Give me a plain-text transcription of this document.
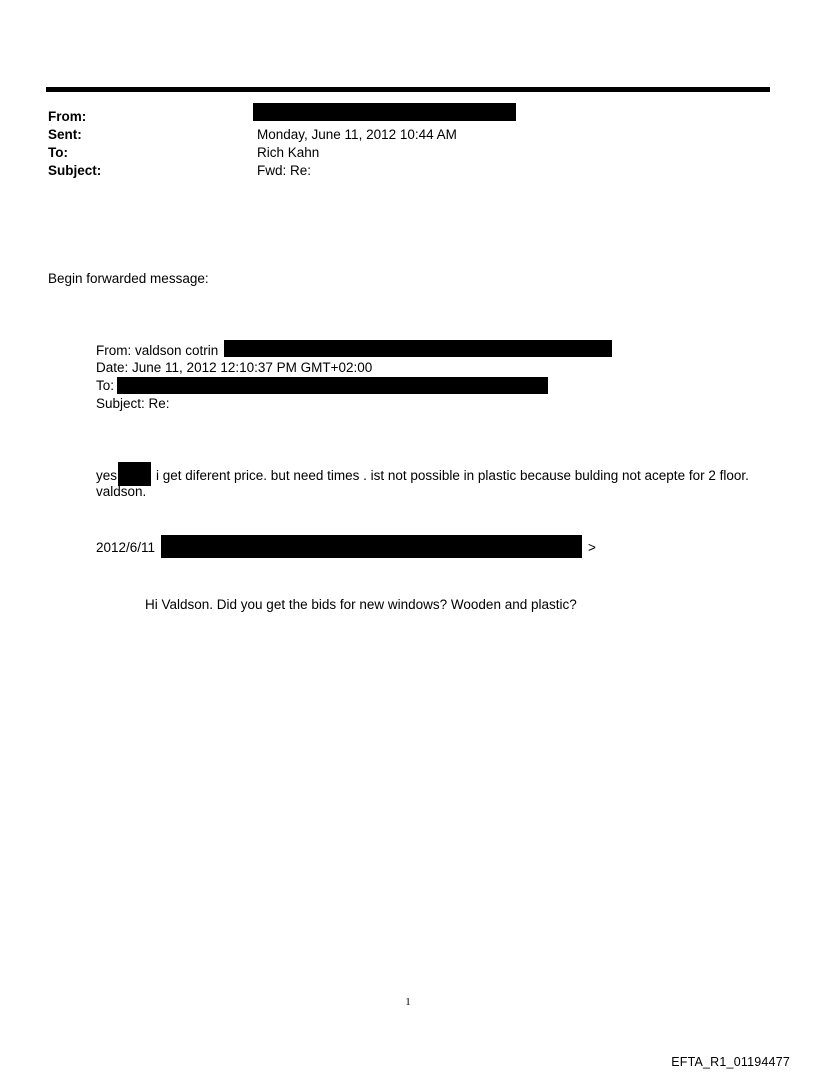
From:
Sent:	Monday, June 11, 2012 10:44 AM
To:	Rich Kahn
Subject:	Fwd: Re:
Begin forwarded message:
From: valdson cotrin
Date: June 11, 2012 12:10:37 PM GMT+02:00
To:
Subject: Re:
yes	i get diferent price. but need times . ist not possible in plastic because bulding not acepte for 2 floor.
valdson.
2012/6/11	>
Hi Valdson. Did you get the bids for new windows? Wooden and plastic?
1
EFTA_R1_01194477
